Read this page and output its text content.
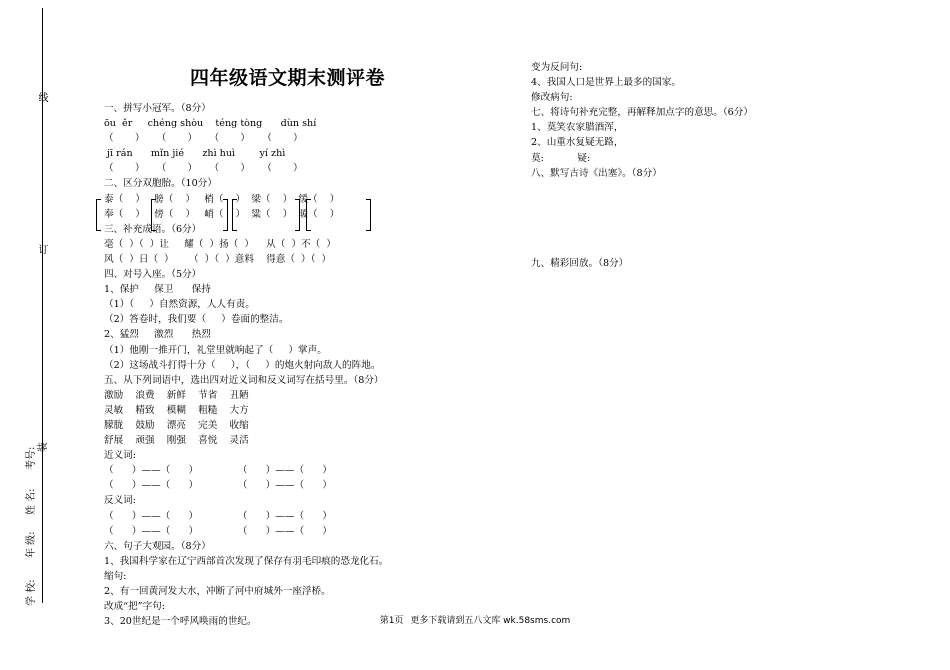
线
订
考号: 装
姓 名:
年 级:
学 校:
四年级语文期末测评卷
一、拼写小冠军。（8分）
ōu  ěr     chéng shòu    téng tòng      dùn shí
（       ）    （       ）    （       ）    （       ）
jī rán      mǐn jié      zhì huì        yí zhì
（       ）    （       ）    （       ）    （       ）
二、区分双胞胎。（10分）
泰（    ）   膀（    ）   梢（    ）  梁（    ）  缓（    ）
奉（    ）   傍（    ）   峭（    ）  粱（    ）  暖（    ）
三、补充成语。（6分）
毫（  ）（  ）让     耀（  ）扬（  ）    从（  ）不（  ）
风（  ）日（  ）     （  ）（  ）意料    得意（  ）（  ）
四、对号入座。（5分）
1、保护     保卫      保持
（1）（     ）自然资源，人人有责。
（2）答卷时，我们要（     ）卷面的整洁。
2、猛烈     激烈      热烈
（1）他刚一推开门，礼堂里就响起了（     ）掌声。
（2）这场战斗打得十分（     ），（     ）的炮火射向敌人的阵地。
五、从下列词语中，选出四对近义词和反义词写在括号里。（8分）
激励    浪费    新鲜    节省    丑陋
灵敏    精致    模糊    粗糙    大方
朦胧    鼓励    漂亮    完美    收缩
舒展    顽强    刚强    喜悦    灵活
近义词:
（      ）——（      ）             （      ）——（      ）
（      ）——（      ）             （      ）——（      ）
反义词:
（      ）——（      ）             （      ）——（      ）
（      ）——（      ）             （      ）——（      ）
六、句子大观园。（8分）
1、我国科学家在辽宁西部首次发现了保存有羽毛印痕的恐龙化石。
缩句:
2、有一回黄河发大水，冲断了河中府城外一座浮桥。
改成“把”字句:
3、20世纪是一个呼风唤雨的世纪。
变为反问句:
4、我国人口是世界上最多的国家。
修改病句:
七、将诗句补充完整，再解释加点字的意思。（6分）
1、莫笑农家腊酒浑，
2、山重水复疑无路，
莫:           疑:
八、默写古诗《出塞》。（8分）
九、精彩回放。（8分）
第1页 更多下载请到五八文库 wk.58sms.com
